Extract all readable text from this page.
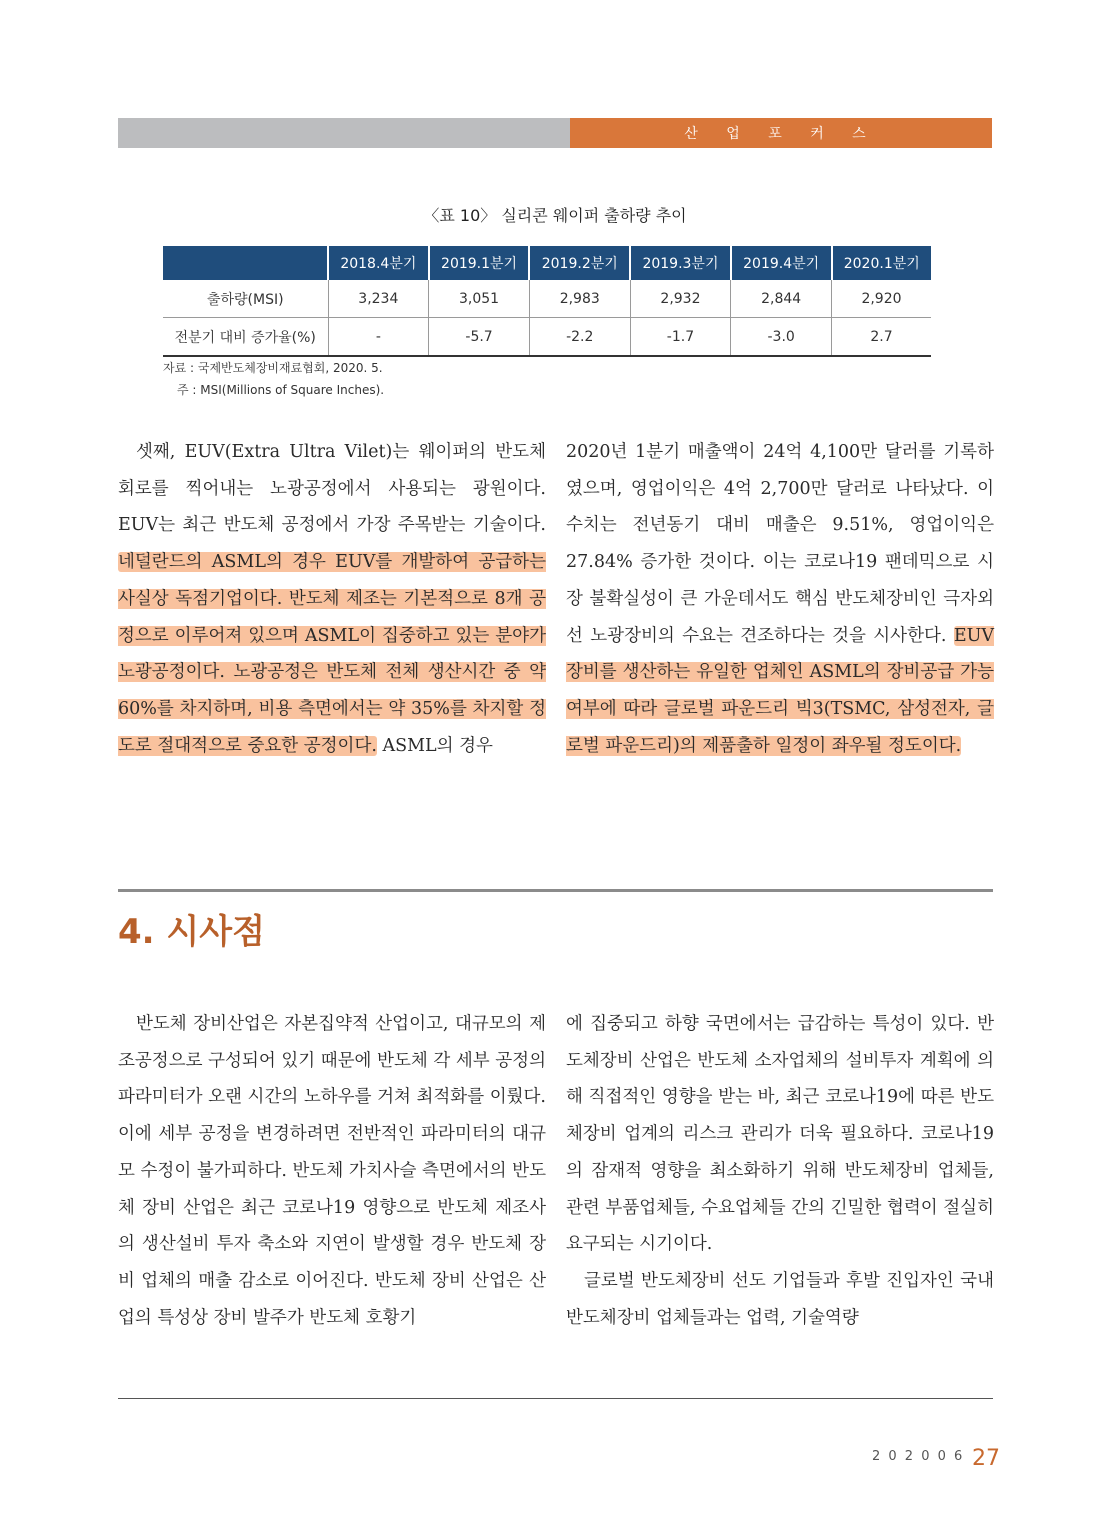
산 업 포 커 스
〈표 10〉 실리콘 웨이퍼 출하량 추이
	2018.4분기	2019.1분기	2019.2분기	2019.3분기	2019.4분기	2020.1분기
출하량(MSI)	3,234	3,051	2,983	2,932	2,844	2,920
전분기 대비 증가율(%)	-	-5.7	-2.2	-1.7	-3.0	2.7
자료 : 국제반도체장비재료협회, 2020. 5.
주 : MSI(Millions of Square Inches).

셋째, EUV(Extra Ultra Vilet)는 웨이퍼의 반도체 회로를 찍어내는 노광공정에서 사용되는 광원이다. EUV는 최근 반도체 공정에서 가장 주목받는 기술이다. 네덜란드의 ASML의 경우 EUV를 개발하여 공급하는 사실상 독점기업이다. 반도체 제조는 기본적으로 8개 공정으로 이루어져 있으며 ASML이 집중하고 있는 분야가 노광공정이다. 노광공정은 반도체 전체 생산시간 중 약 60%를 차지하며, 비용 측면에서는 약 35%를 차지할 정도로 절대적으로 중요한 공정이다. ASML의 경우

2020년 1분기 매출액이 24억 4,100만 달러를 기록하였으며, 영업이익은 4억 2,700만 달러로 나타났다. 이 수치는 전년동기 대비 매출은 9.51%, 영업이익은 27.84% 증가한 것이다. 이는 코로나19 팬데믹으로 시장 불확실성이 큰 가운데서도 핵심 반도체장비인 극자외선 노광장비의 수요는 견조하다는 것을 시사한다. EUV장비를 생산하는 유일한 업체인 ASML의 장비공급 가능 여부에 따라 글로벌 파운드리 빅3(TSMC, 삼성전자, 글로벌 파운드리)의 제품출하 일정이 좌우될 정도이다.

4. 시사점

반도체 장비산업은 자본집약적 산업이고, 대규모의 제조공정으로 구성되어 있기 때문에 반도체 각 세부 공정의 파라미터가 오랜 시간의 노하우를 거쳐 최적화를 이뤘다. 이에 세부 공정을 변경하려면 전반적인 파라미터의 대규모 수정이 불가피하다. 반도체 가치사슬 측면에서의 반도체 장비 산업은 최근 코로나19 영향으로 반도체 제조사의 생산설비 투자 축소와 지연이 발생할 경우 반도체 장비 업체의 매출 감소로 이어진다. 반도체 장비 산업은 산업의 특성상 장비 발주가 반도체 호황기

에 집중되고 하향 국면에서는 급감하는 특성이 있다. 반도체장비 산업은 반도체 소자업체의 설비투자 계획에 의해 직접적인 영향을 받는 바, 최근 코로나19에 따른 반도체장비 업계의 리스크 관리가 더욱 필요하다. 코로나19의 잠재적 영향을 최소화하기 위해 반도체장비 업체들, 관련 부품업체들, 수요업체들 간의 긴밀한 협력이 절실히 요구되는 시기이다.

글로벌 반도체장비 선도 기업들과 후발 진입자인 국내 반도체장비 업체들과는 업력, 기술역량

2 0 2 0 0 6 27
